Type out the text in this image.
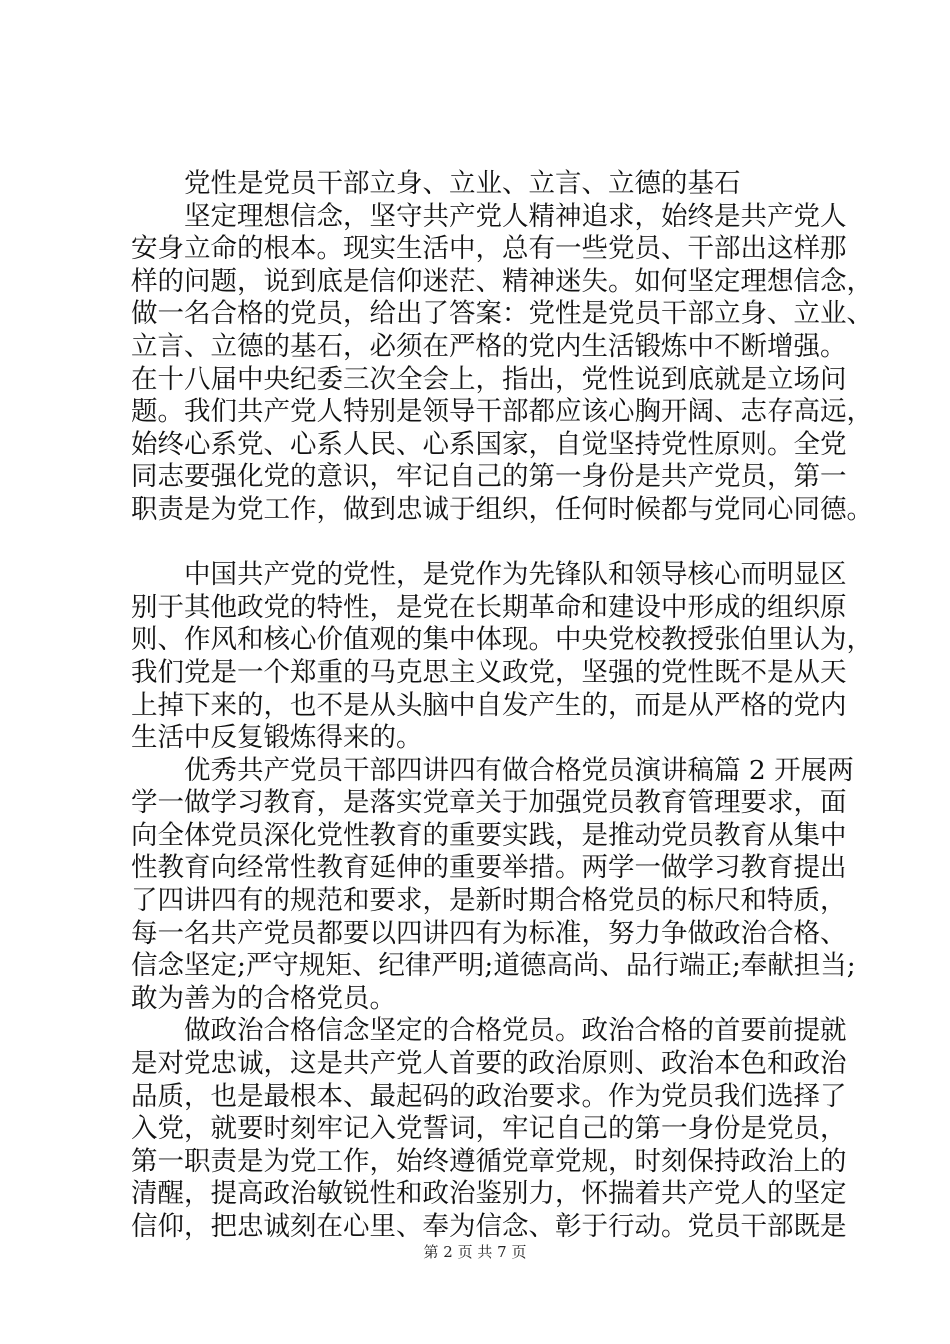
党性是党员干部立身、立业、立言、立德的基石
坚定理想信念，坚守共产党人精神追求，始终是共产党人
安身立命的根本。现实生活中，总有一些党员、干部出这样那
样的问题，说到底是信仰迷茫、精神迷失。如何坚定理想信念，
做一名合格的党员，给出了答案：党性是党员干部立身、立业、
立言、立德的基石，必须在严格的党内生活锻炼中不断增强。
在十八届中央纪委三次全会上，指出，党性说到底就是立场问
题。我们共产党人特别是领导干部都应该心胸开阔、志存高远，
始终心系党、心系人民、心系国家，自觉坚持党性原则。全党
同志要强化党的意识，牢记自己的第一身份是共产党员，第一
职责是为党工作，做到忠诚于组织，任何时候都与党同心同德。
中国共产党的党性，是党作为先锋队和领导核心而明显区
别于其他政党的特性，是党在长期革命和建设中形成的组织原
则、作风和核心价值观的集中体现。中央党校教授张伯里认为，
我们党是一个郑重的马克思主义政党，坚强的党性既不是从天
上掉下来的，也不是从头脑中自发产生的，而是从严格的党内
生活中反复锻炼得来的。
优秀共产党员干部四讲四有做合格党员演讲稿篇 2 开展两
学一做学习教育，是落实党章关于加强党员教育管理要求，面
向全体党员深化党性教育的重要实践，是推动党员教育从集中
性教育向经常性教育延伸的重要举措。两学一做学习教育提出
了四讲四有的规范和要求，是新时期合格党员的标尺和特质，
每一名共产党员都要以四讲四有为标准，努力争做政治合格、
信念坚定;严守规矩、纪律严明;道德高尚、品行端正;奉献担当;
敢为善为的合格党员。
做政治合格信念坚定的合格党员。政治合格的首要前提就
是对党忠诚，这是共产党人首要的政治原则、政治本色和政治
品质，也是最根本、最起码的政治要求。作为党员我们选择了
入党，就要时刻牢记入党誓词，牢记自己的第一身份是党员，
第一职责是为党工作，始终遵循党章党规，时刻保持政治上的
清醒，提高政治敏锐性和政治鉴别力，怀揣着共产党人的坚定
信仰，把忠诚刻在心里、奉为信念、彰于行动。党员干部既是
第 2 页 共 7 页
